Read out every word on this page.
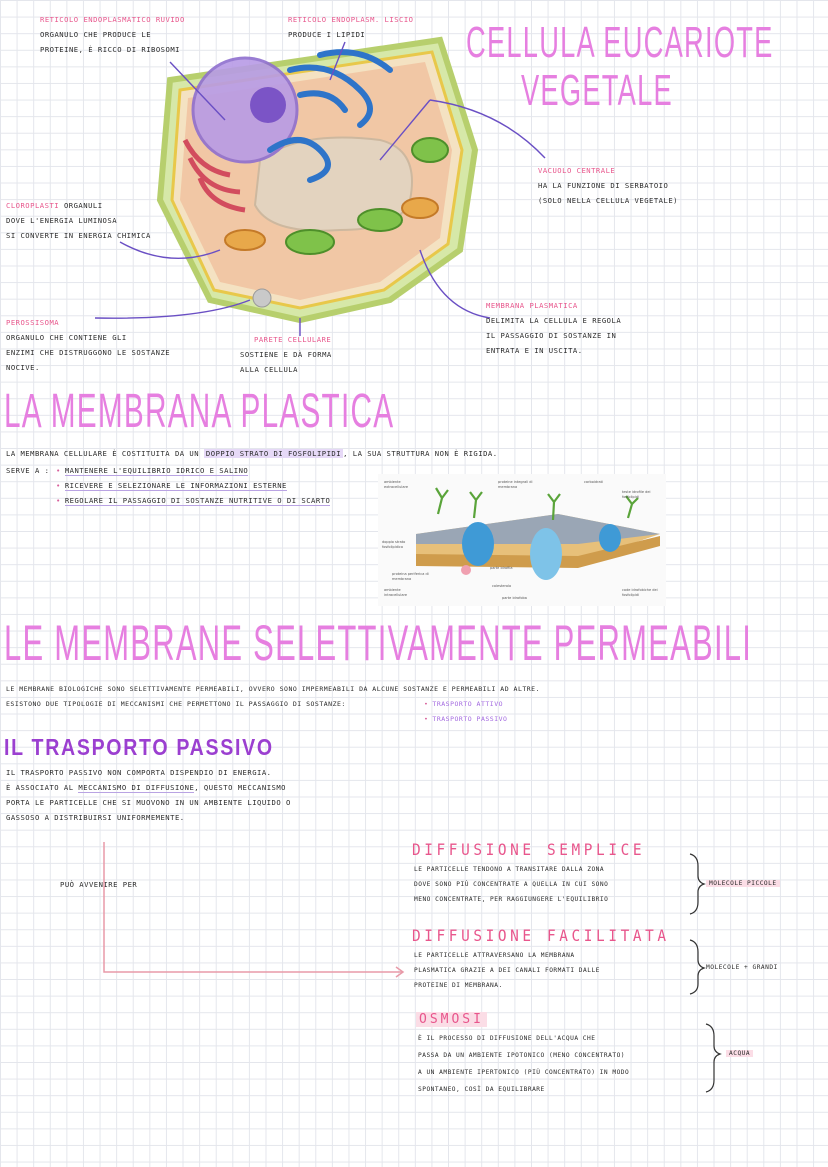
CELLULA EUCARIOTE
VEGETALE
RETICOLO ENDOPLASMATICO RUVIDO
ORGANULO CHE PRODUCE LE
PROTEINE, È RICCO DI RIBOSOMI
RETICOLO ENDOPLASM. LISCIO
PRODUCE I LIPIDI
VACUOLO CENTRALE
HA LA FUNZIONE DI SERBATOIO
(SOLO NELLA CELLULA VEGETALE)
CLOROPLASTI ORGANULI
DOVE L'ENERGIA LUMINOSA
SI CONVERTE IN ENERGIA CHIMICA
PEROSSISOMA
ORGANULO CHE CONTIENE GLI
ENZIMI CHE DISTRUGGONO LE SOSTANZE
NOCIVE.
PARETE CELLULARE
SOSTIENE E DÀ FORMA
ALLA CELLULA
MEMBRANA PLASMATICA
DELIMITA LA CELLULA E REGOLA
IL PASSAGGIO DI SOSTANZE IN
ENTRATA E IN USCITA.
LA MEMBRANA PLASTICA
LA MEMBRANA CELLULARE È COSTITUITA DA UN DOPPIO STRATO DI FOSFOLIPIDI , LA SUA STRUTTURA NON È RIGIDA.
SERVE A : • MANTENERE L'EQUILIBRIO IDRICO E SALINO
• RICEVERE E SELEZIONARE LE INFORMAZIONI ESTERNE
• REGOLARE IL PASSAGGIO DI SOSTANZE NUTRITIVE O DI SCARTO
ambiente extracellulare
proteine integrali di membrana
carboidrati
teste idrofile dei fosfolipidi
doppio strato fosfolipidico
parte idrofila
proteina periferica di membrana
colesterolo
parte idrofoba
ambiente intracellulare
code idrofobiche dei fosfolipidi
LE MEMBRANE SELETTIVAMENTE PERMEABILI
LE MEMBRANE BIOLOGICHE SONO SELETTIVAMENTE PERMEABILI, OVVERO SONO IMPERMEABILI DA ALCUNE SOSTANZE E PERMEABILI AD ALTRE.
ESISTONO DUE TIPOLOGIE DI MECCANISMI CHE PERMETTONO IL PASSAGGIO DI SOSTANZE:	• TRASPORTO ATTIVO
• TRASPORTO PASSIVO
IL TRASPORTO PASSIVO
IL TRASPORTO PASSIVO NON COMPORTA DISPENDIO DI ENERGIA.
È ASSOCIATO AL MECCANISMO DI DIFFUSIONE, QUESTO MECCANISMO
PORTA LE PARTICELLE CHE SI MUOVONO IN UN AMBIENTE LIQUIDO O
GASSOSO A DISTRIBUIRSI UNIFORMEMENTE.
PUÒ AVVENIRE PER
DIFFUSIONE SEMPLICE
LE PARTICELLE TENDONO A TRANSITARE DALLA ZONA
DOVE SONO PIÙ CONCENTRATE A QUELLA IN CUI SONO
MENO CONCENTRATE, PER RAGGIUNGERE L'EQUILIBRIO
MOLECOLE PICCOLE
DIFFUSIONE FACILITATA
LE PARTICELLE ATTRAVERSANO LA MEMBRANA
PLASMATICA GRAZIE A DEI CANALI FORMATI DALLE
PROTEINE DI MEMBRANA.
MOLECOLE + GRANDI
OSMOSI
È IL PROCESSO DI DIFFUSIONE DELL'ACQUA CHE
PASSA DA UN AMBIENTE IPOTONICO (MENO CONCENTRATO)
A UN AMBIENTE IPERTONICO (PIÙ CONCENTRATO) IN MODO
SPONTANEO, COSÌ DA EQUILIBRARE
ACQUA
